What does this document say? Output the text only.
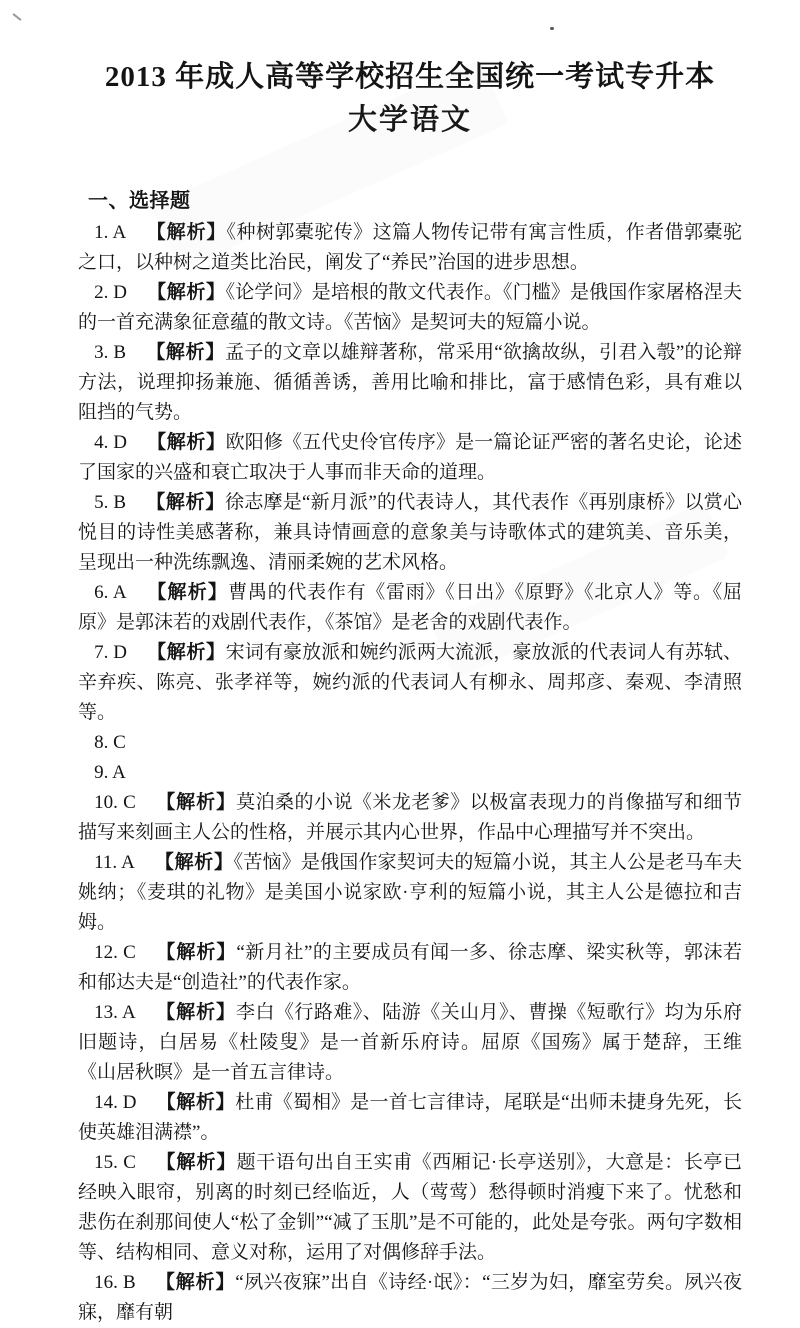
2013 年成人高等学校招生全国统一考试专升本
大学语文
一、选择题

1. A 【解析】《种树郭橐驼传》这篇人物传记带有寓言性质，作者借郭橐驼之口，以种树之道类比治民，阐发了“养民”治国的进步思想。

2. D 【解析】《论学问》是培根的散文代表作。《门槛》是俄国作家屠格涅夫的一首充满象征意蕴的散文诗。《苦恼》是契诃夫的短篇小说。

3. B 【解析】孟子的文章以雄辩著称，常采用“欲擒故纵，引君入彀”的论辩方法，说理抑扬兼施、循循善诱，善用比喻和排比，富于感情色彩，具有难以阻挡的气势。

4. D 【解析】欧阳修《五代史伶官传序》是一篇论证严密的著名史论，论述了国家的兴盛和衰亡取决于人事而非天命的道理。

5. B 【解析】徐志摩是“新月派”的代表诗人，其代表作《再别康桥》以赏心悦目的诗性美感著称，兼具诗情画意的意象美与诗歌体式的建筑美、音乐美，呈现出一种洗练飘逸、清丽柔婉的艺术风格。

6. A 【解析】曹禺的代表作有《雷雨》《日出》《原野》《北京人》等。《屈原》是郭沫若的戏剧代表作，《茶馆》是老舍的戏剧代表作。

7. D 【解析】宋词有豪放派和婉约派两大流派，豪放派的代表词人有苏轼、辛弃疾、陈亮、张孝祥等，婉约派的代表词人有柳永、周邦彦、秦观、李清照等。

8. C

9. A

10. C 【解析】莫泊桑的小说《米龙老爹》以极富表现力的肖像描写和细节描写来刻画主人公的性格，并展示其内心世界，作品中心理描写并不突出。

11. A 【解析】《苦恼》是俄国作家契诃夫的短篇小说，其主人公是老马车夫姚纳；《麦琪的礼物》是美国小说家欧·亨利的短篇小说，其主人公是德拉和吉姆。

12. C 【解析】“新月社”的主要成员有闻一多、徐志摩、梁实秋等，郭沫若和郁达夫是“创造社”的代表作家。

13. A 【解析】李白《行路难》、陆游《关山月》、曹操《短歌行》均为乐府旧题诗，白居易《杜陵叟》是一首新乐府诗。屈原《国殇》属于楚辞，王维《山居秋暝》是一首五言律诗。

14. D 【解析】杜甫《蜀相》是一首七言律诗，尾联是“出师未捷身先死，长使英雄泪满襟”。

15. C 【解析】题干语句出自王实甫《西厢记·长亭送别》，大意是：长亭已经映入眼帘，别离的时刻已经临近，人（莺莺）愁得顿时消瘦下来了。忧愁和悲伤在刹那间使人“松了金钏”“减了玉肌”是不可能的，此处是夸张。两句字数相等、结构相同、意义对称，运用了对偶修辞手法。

16. B 【解析】“夙兴夜寐”出自《诗经·氓》：“三岁为妇，靡室劳矣。夙兴夜寐，靡有朝
